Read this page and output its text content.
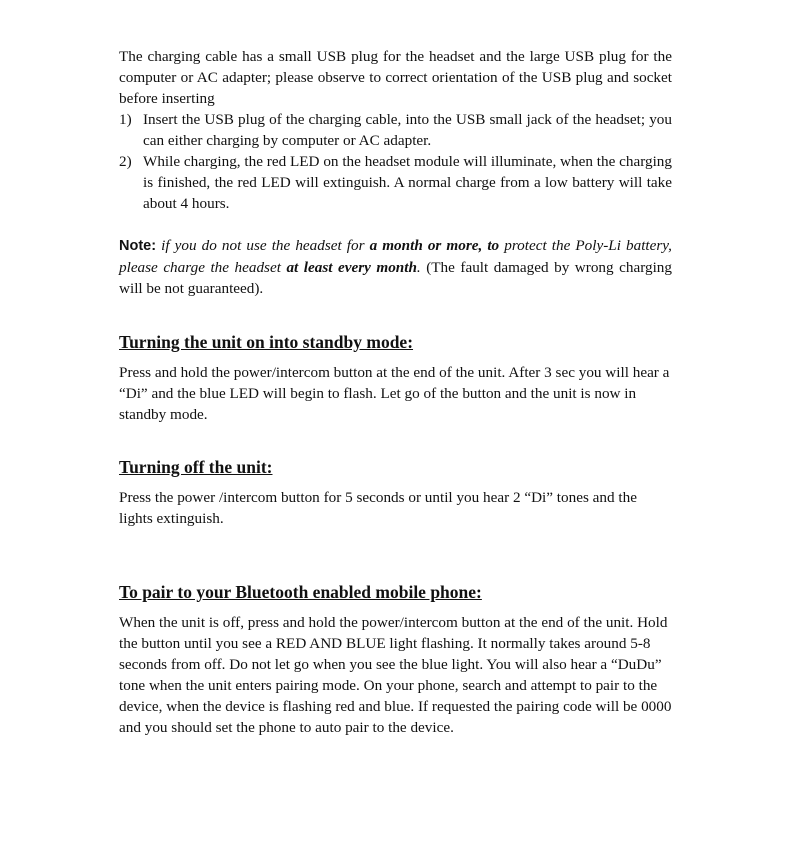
The charging cable has a small USB plug for the headset and the large USB plug for the computer or AC adapter; please observe to correct orientation of the USB plug and socket before inserting

1) Insert the USB plug of the charging cable, into the USB small jack of the headset; you can either charging by computer or AC adapter.
2) While charging, the red LED on the headset module will illuminate, when the charging is finished, the red LED will extinguish. A normal charge from a low battery will take about 4 hours.

Note: if you do not use the headset for a month or more, to protect the Poly-Li battery, please charge the headset at least every month. (The fault damaged by wrong charging will be not guaranteed).

Turning the unit on into standby mode:

Press and hold the power/intercom button at the end of the unit. After 3 sec you will hear a “Di” and the blue LED will begin to flash. Let go of the button and the unit is now in standby mode.

Turning off the unit:

Press the power /intercom button for 5 seconds or until you hear 2 “Di” tones and the lights extinguish.

To pair to your Bluetooth enabled mobile phone:

When the unit is off, press and hold the power/intercom button at the end of the unit. Hold the button until you see a RED AND BLUE light flashing. It normally takes around 5-8 seconds from off. Do not let go when you see the blue light. You will also hear a “DuDu” tone when the unit enters pairing mode. On your phone, search and attempt to pair to the device, when the device is flashing red and blue. If requested the pairing code will be 0000 and you should set the phone to auto pair to the device.
